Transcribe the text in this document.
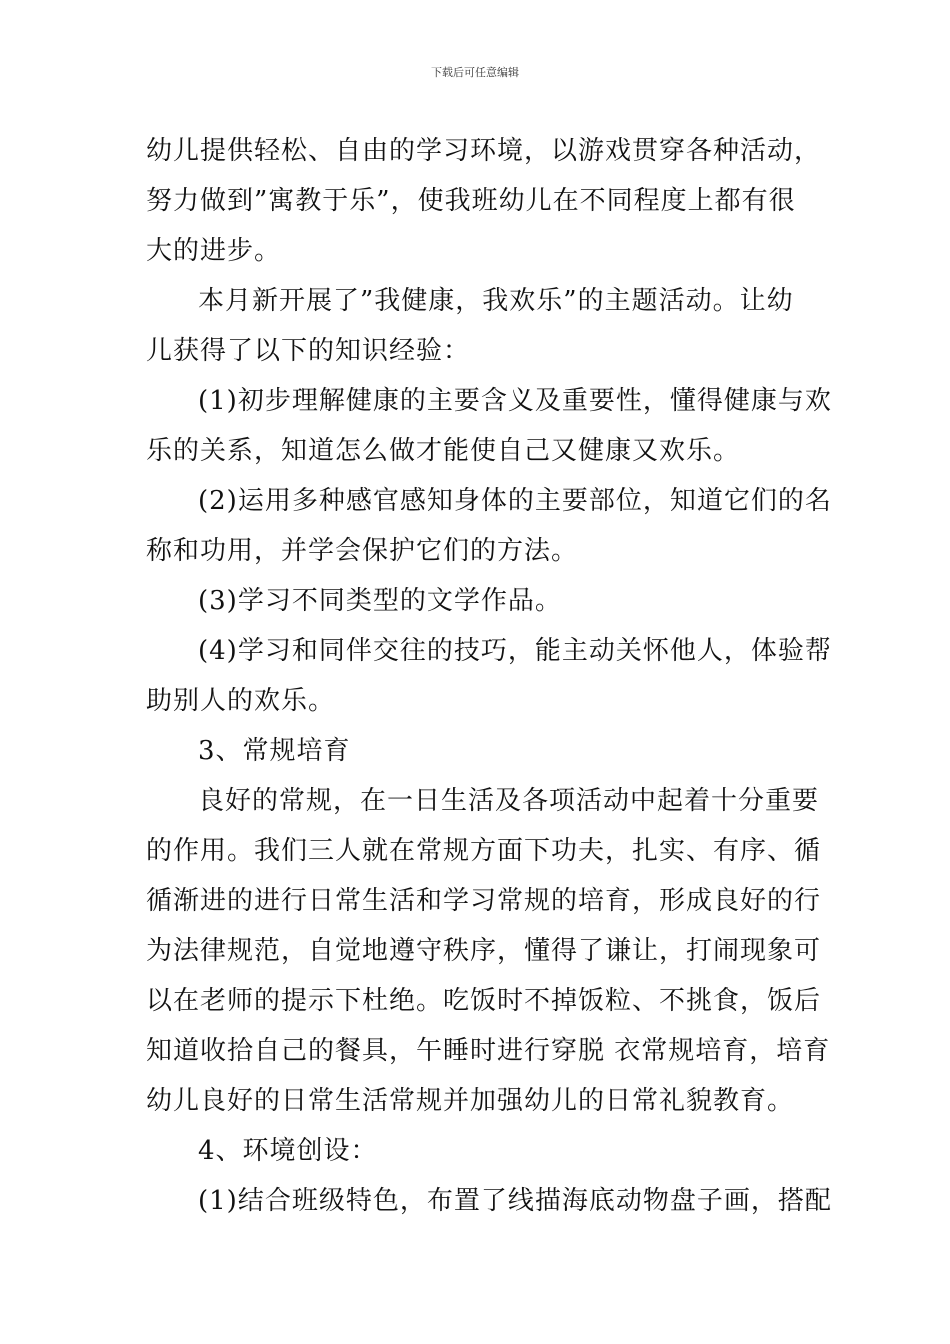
下载后可任意编辑
幼儿提供轻松、自由的学习环境，以游戏贯穿各种活动，
努力做到”寓教于乐”，使我班幼儿在不同程度上都有很
大的进步。
本月新开展了”我健康，我欢乐”的主题活动。让幼
儿获得了以下的知识经验：
(1)初步理解健康的主要含义及重要性，懂得健康与欢
乐的关系，知道怎么做才能使自己又健康又欢乐。
(2)运用多种感官感知身体的主要部位，知道它们的名
称和功用，并学会保护它们的方法。
(3)学习不同类型的文学作品。
(4)学习和同伴交往的技巧，能主动关怀他人，体验帮
助别人的欢乐。
3、常规培育
良好的常规，在一日生活及各项活动中起着十分重要
的作用。我们三人就在常规方面下功夫，扎实、有序、循
循渐进的进行日常生活和学习常规的培育，形成良好的行
为法律规范，自觉地遵守秩序，懂得了谦让，打闹现象可
以在老师的提示下杜绝。吃饭时不掉饭粒、不挑食，饭后
知道收拾自己的餐具，午睡时进行穿脱 衣常规培育，培育
幼儿良好的日常生活常规并加强幼儿的日常礼貌教育。
4、环境创设：
(1)结合班级特色，布置了线描海底动物盘子画，搭配
